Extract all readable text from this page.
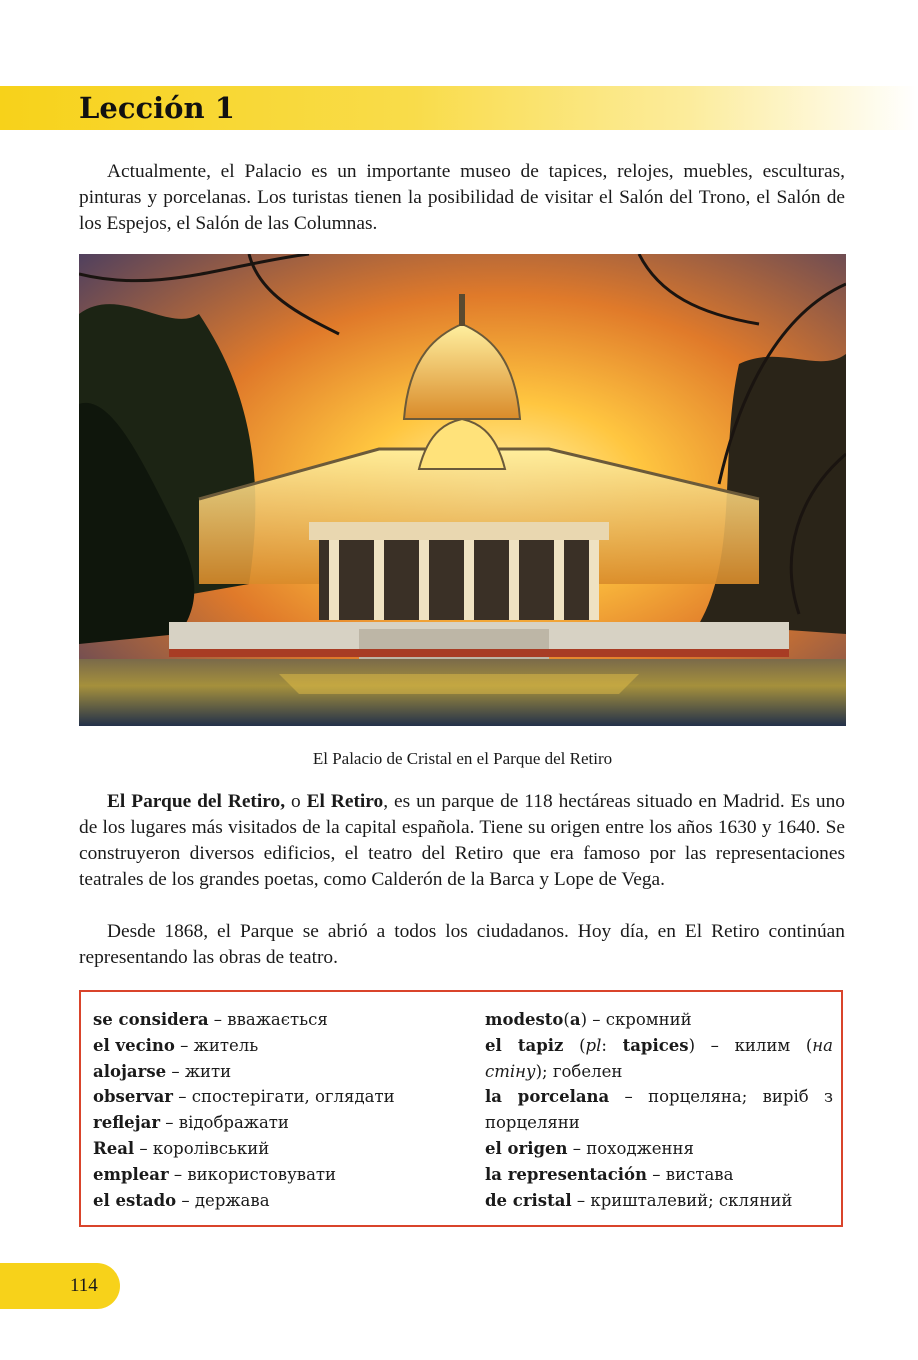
Lección 1

Actualmente, el Palacio es un importante museo de tapices, relojes, muebles, esculturas, pinturas y porcelanas. Los turistas tienen la posibilidad de visitar el Salón del Trono, el Salón de los Espejos, el Salón de las Columnas.

El Palacio de Cristal en el Parque del Retiro

El Parque del Retiro, o El Retiro, es un parque de 118 hectáreas situado en Madrid. Es uno de los lugares más visitados de la capital española. Tiene su origen entre los años 1630 y 1640. Se construyeron diversos edificios, el teatro del Retiro que era famoso por las representaciones teatrales de los grandes poetas, como Calderón de la Barca y Lope de Vega.

Desde 1868, el Parque se abrió a todos los ciudadanos. Hoy día, en El Retiro continúan representando las obras de teatro.

se considera – вважається
el vecino – житель
alojarse – жити
observar – спостерігати, оглядати
reflejar – відображати
Real – королівський
emplear – використовувати
el estado – держава
modesto(a) – скромний
el tapiz (pl: tapices) – килим (на стіну); гобелен
la porcelana – порцеляна; виріб з порцеляни
el origen – походження
la representación – вистава
de cristal – кришталевий; скляний

114
